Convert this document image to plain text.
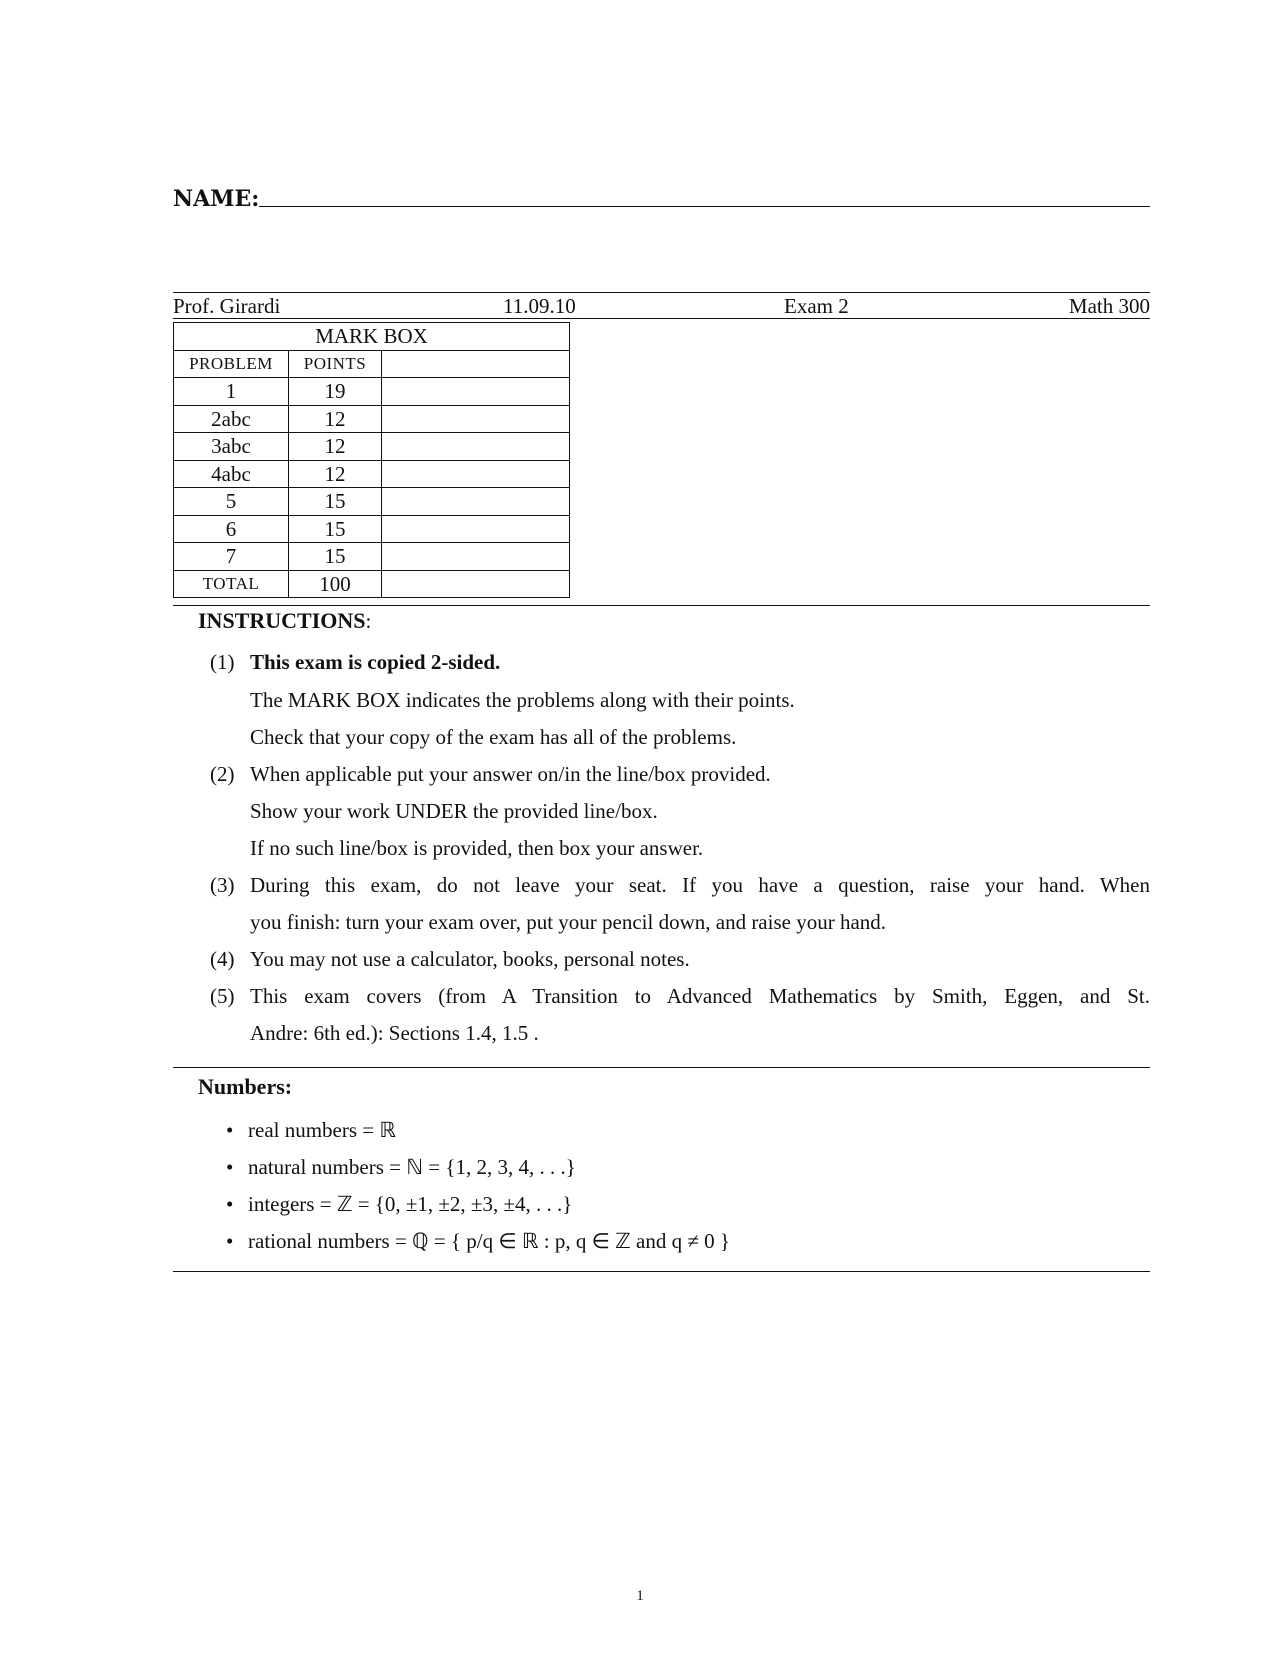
NAME:
Prof. Girardi	11.09.10	Exam 2	Math 300
MARK BOX		
PROBLEM	POINTS	
1	19	
2abc	12	
3abc	12	
4abc	12	
5	15	
6	15	
7	15	
TOTAL	100	
INSTRUCTIONS:
(1) This exam is copied 2-sided.
The MARK BOX indicates the problems along with their points.
Check that your copy of the exam has all of the problems.
(2) When applicable put your answer on/in the line/box provided.
Show your work UNDER the provided line/box.
If no such line/box is provided, then box your answer.
(3) During this exam, do not leave your seat. If you have a question, raise your hand. When
you finish: turn your exam over, put your pencil down, and raise your hand.
(4) You may not use a calculator, books, personal notes.
(5) This exam covers (from A Transition to Advanced Mathematics by Smith, Eggen, and St.
Andre: 6th ed.): Sections 1.4, 1.5 .
Numbers:
• real numbers = ℝ
• natural numbers = ℕ = {1, 2, 3, 4, . . .}
• integers = ℤ = {0, ±1, ±2, ±3, ±4, . . .}
• rational numbers = ℚ = { p/q ∈ ℝ : p, q ∈ ℤ and q ≠ 0 }
1
